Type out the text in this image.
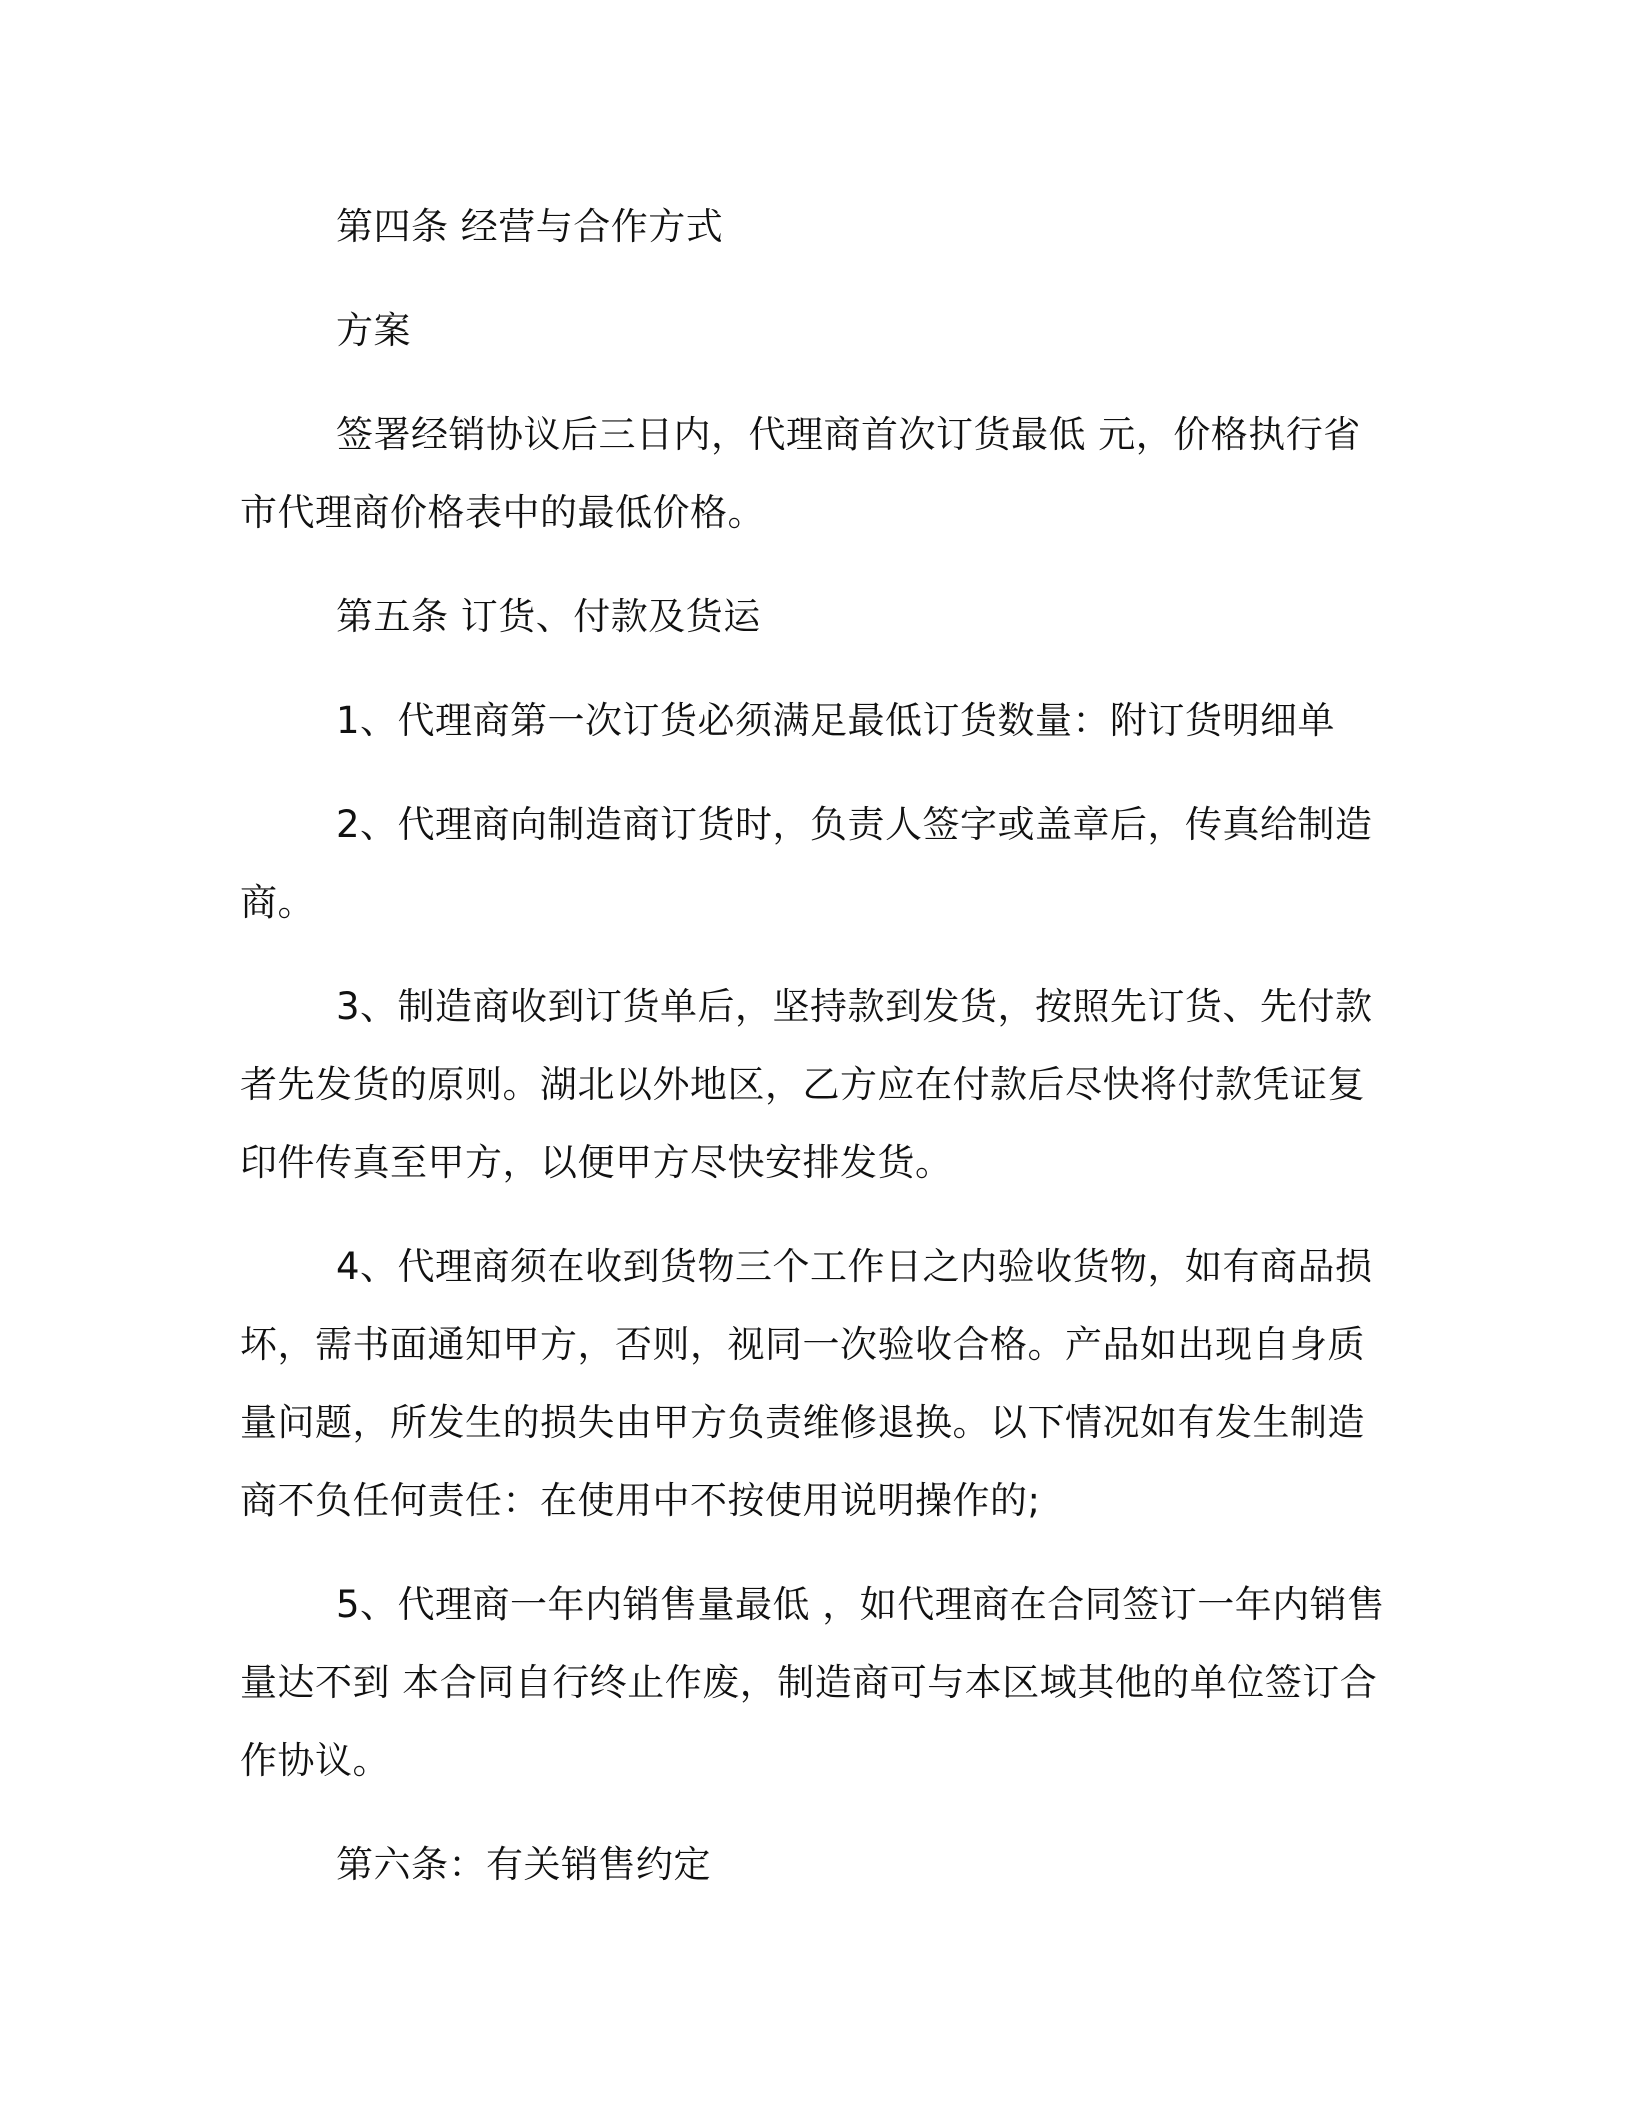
第四条 经营与合作方式

方案

签署经销协议后三日内，代理商首次订货最低 元，价格执行省市代理商价格表中的最低价格。

第五条 订货、付款及货运

1、代理商第一次订货必须满足最低订货数量：附订货明细单

2、代理商向制造商订货时，负责人签字或盖章后，传真给制造商。

3、制造商收到订货单后，坚持款到发货，按照先订货、先付款者先发货的原则。湖北以外地区，乙方应在付款后尽快将付款凭证复印件传真至甲方，以便甲方尽快安排发货。

4、代理商须在收到货物三个工作日之内验收货物，如有商品损坏，需书面通知甲方，否则，视同一次验收合格。产品如出现自身质量问题，所发生的损失由甲方负责维修退换。以下情况如有发生制造商不负任何责任：在使用中不按使用说明操作的;

5、代理商一年内销售量最低 ，如代理商在合同签订一年内销售量达不到 本合同自行终止作废，制造商可与本区域其他的单位签订合作协议。

第六条：有关销售约定
